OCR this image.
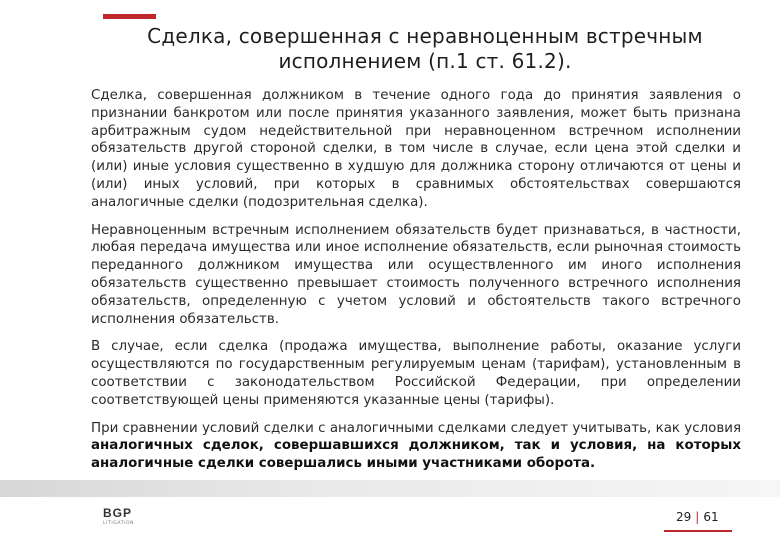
Сделка, совершенная с неравноценным встречным
исполнением (п.1 ст. 61.2).

Сделка, совершенная должником в течение одного года до принятия заявления о признании банкротом или после принятия указанного заявления, может быть признана арбитражным судом недействительной при неравноценном встречном исполнении обязательств другой стороной сделки, в том числе в случае, если цена этой сделки и (или) иные условия существенно в худшую для должника сторону отличаются от цены и (или) иных условий, при которых в сравнимых обстоятельствах совершаются аналогичные сделки (подозрительная сделка).

Неравноценным встречным исполнением обязательств будет признаваться, в частности, любая передача имущества или иное исполнение обязательств, если рыночная стоимость переданного должником имущества или осуществленного им иного исполнения обязательств существенно превышает стоимость полученного встречного исполнения обязательств, определенную с учетом условий и обстоятельств такого встречного исполнения обязательств.

В случае, если сделка (продажа имущества, выполнение работы, оказание услуги осуществляются по государственным регулируемым ценам (тарифам), установленным в соответствии с законодательством Российской Федерации, при определении соответствующей цены применяются указанные цены (тарифы).

При сравнении условий сделки с аналогичными сделками следует учитывать, как условия аналогичных сделок, совершавшихся должником, так и условия, на которых аналогичные сделки совершались иными участниками оборота.

BGP
LITIGATION	29 | 61
